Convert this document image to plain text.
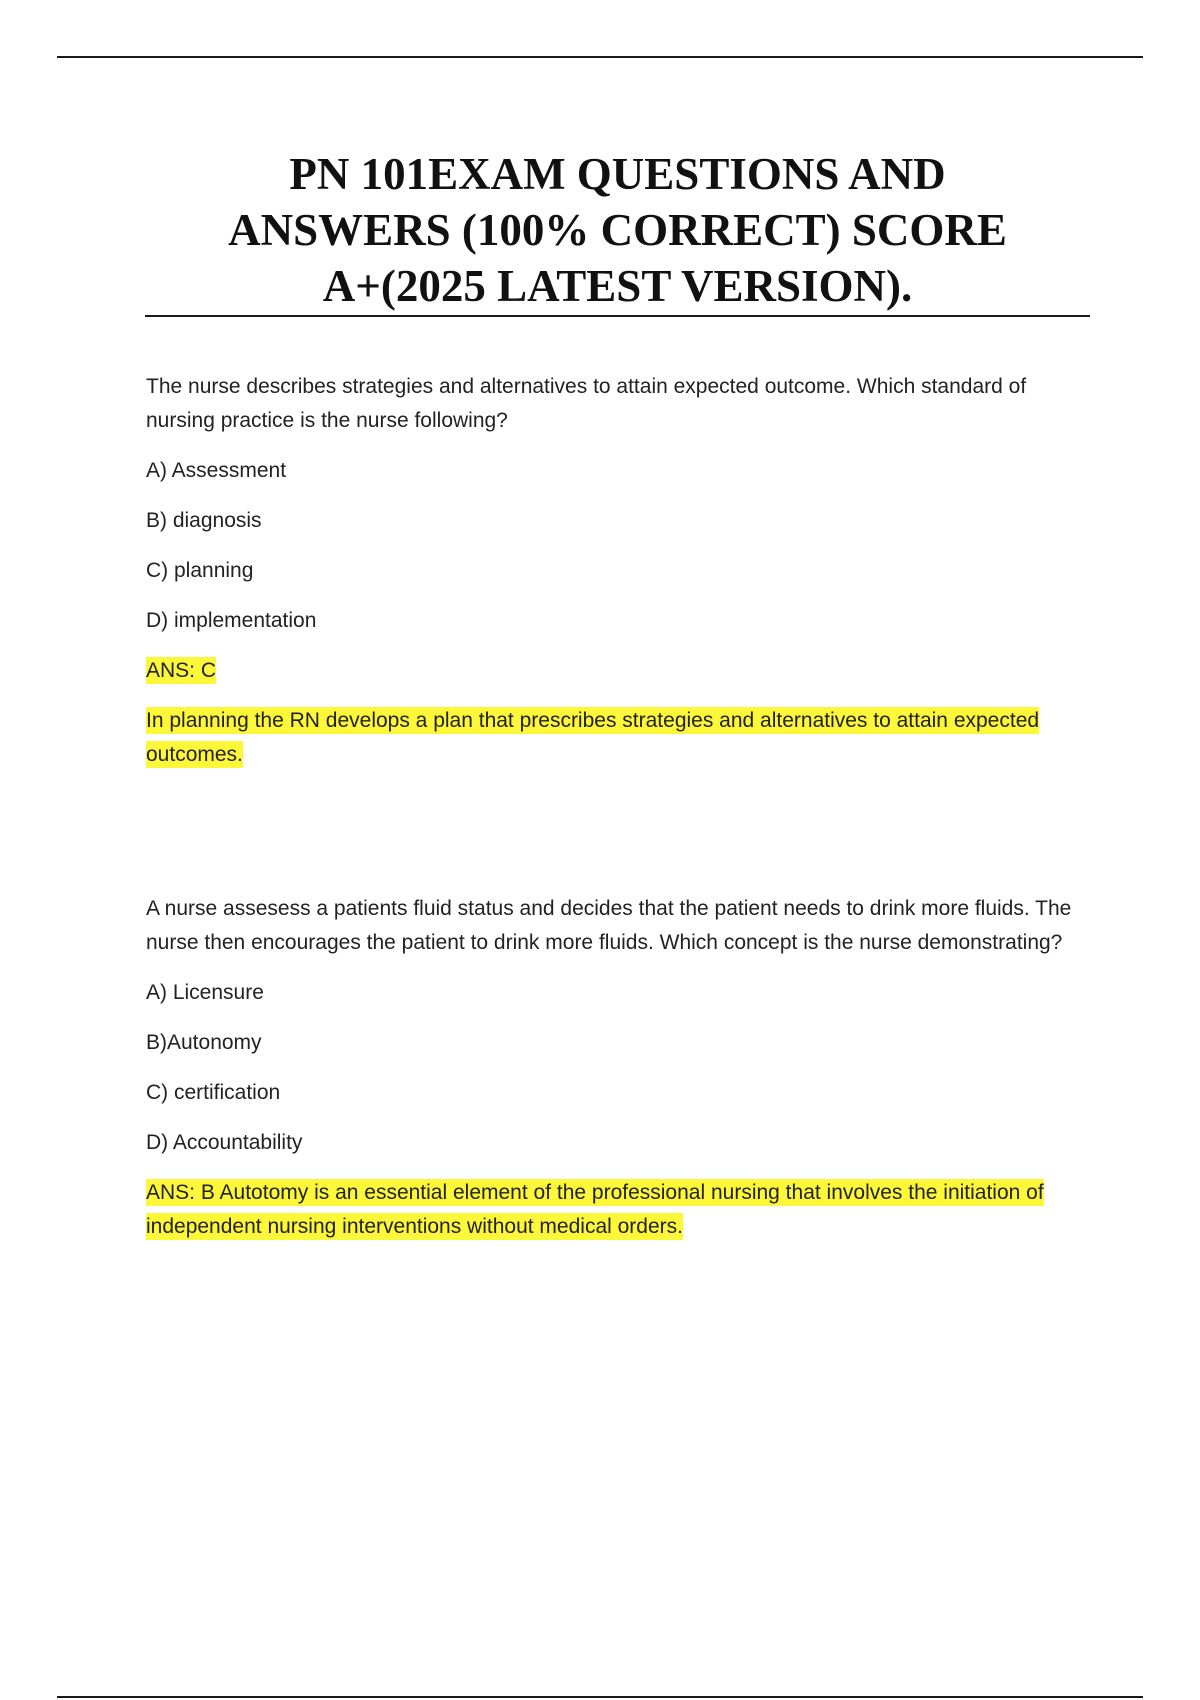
PN 101EXAM QUESTIONS AND
ANSWERS (100% CORRECT) SCORE
A+(2025 LATEST VERSION).

The nurse describes strategies and alternatives to attain expected outcome. Which standard of nursing practice is the nurse following?

A) Assessment

B) diagnosis

C) planning

D) implementation

ANS: C

In planning the RN develops a plan that prescribes strategies and alternatives to attain expected outcomes.

A nurse assesess a patients fluid status and decides that the patient needs to drink more fluids. The nurse then encourages the patient to drink more fluids. Which concept is the nurse demonstrating?

A) Licensure

B)Autonomy

C) certification

D) Accountability

ANS: B Autotomy is an essential element of the professional nursing that involves the initiation of independent nursing interventions without medical orders.
